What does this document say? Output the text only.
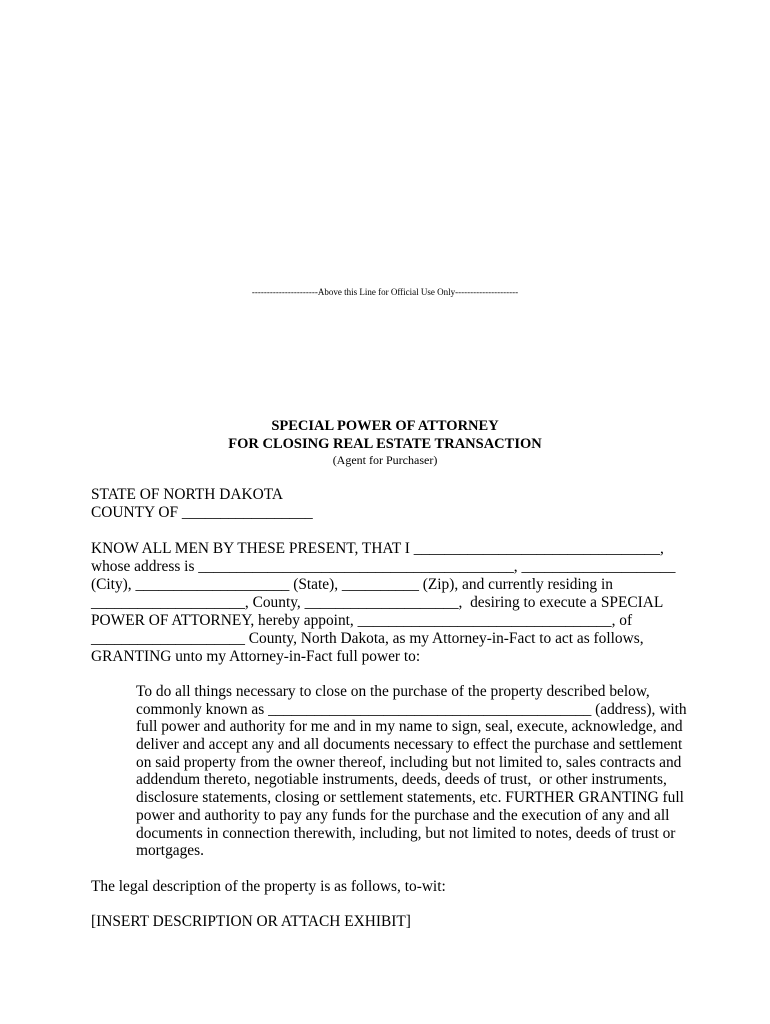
----------------------Above this Line for Official Use Only---------------------
SPECIAL POWER OF ATTORNEY
FOR CLOSING REAL ESTATE TRANSACTION
(Agent for Purchaser)
STATE OF NORTH DAKOTA
COUNTY OF _________________
KNOW ALL MEN BY THESE PRESENT, THAT I ________________________________,
whose address is _________________________________________, ____________________
(City), ____________________ (State), __________ (Zip), and currently residing in
____________________, County, ____________________,  desiring to execute a SPECIAL
POWER OF ATTORNEY, hereby appoint, _________________________________, of
____________________ County, North Dakota, as my Attorney-in-Fact to act as follows,
GRANTING unto my Attorney-in-Fact full power to:
To do all things necessary to close on the purchase of the property described below,
commonly known as __________________________________________ (address), with
full power and authority for me and in my name to sign, seal, execute, acknowledge, and
deliver and accept any and all documents necessary to effect the purchase and settlement
on said property from the owner thereof, including but not limited to, sales contracts and
addendum thereto, negotiable instruments, deeds, deeds of trust,  or other instruments,
disclosure statements, closing or settlement statements, etc. FURTHER GRANTING full
power and authority to pay any funds for the purchase and the execution of any and all
documents in connection therewith, including, but not limited to notes, deeds of trust or
mortgages.
The legal description of the property is as follows, to-wit:
[INSERT DESCRIPTION OR ATTACH EXHIBIT]
